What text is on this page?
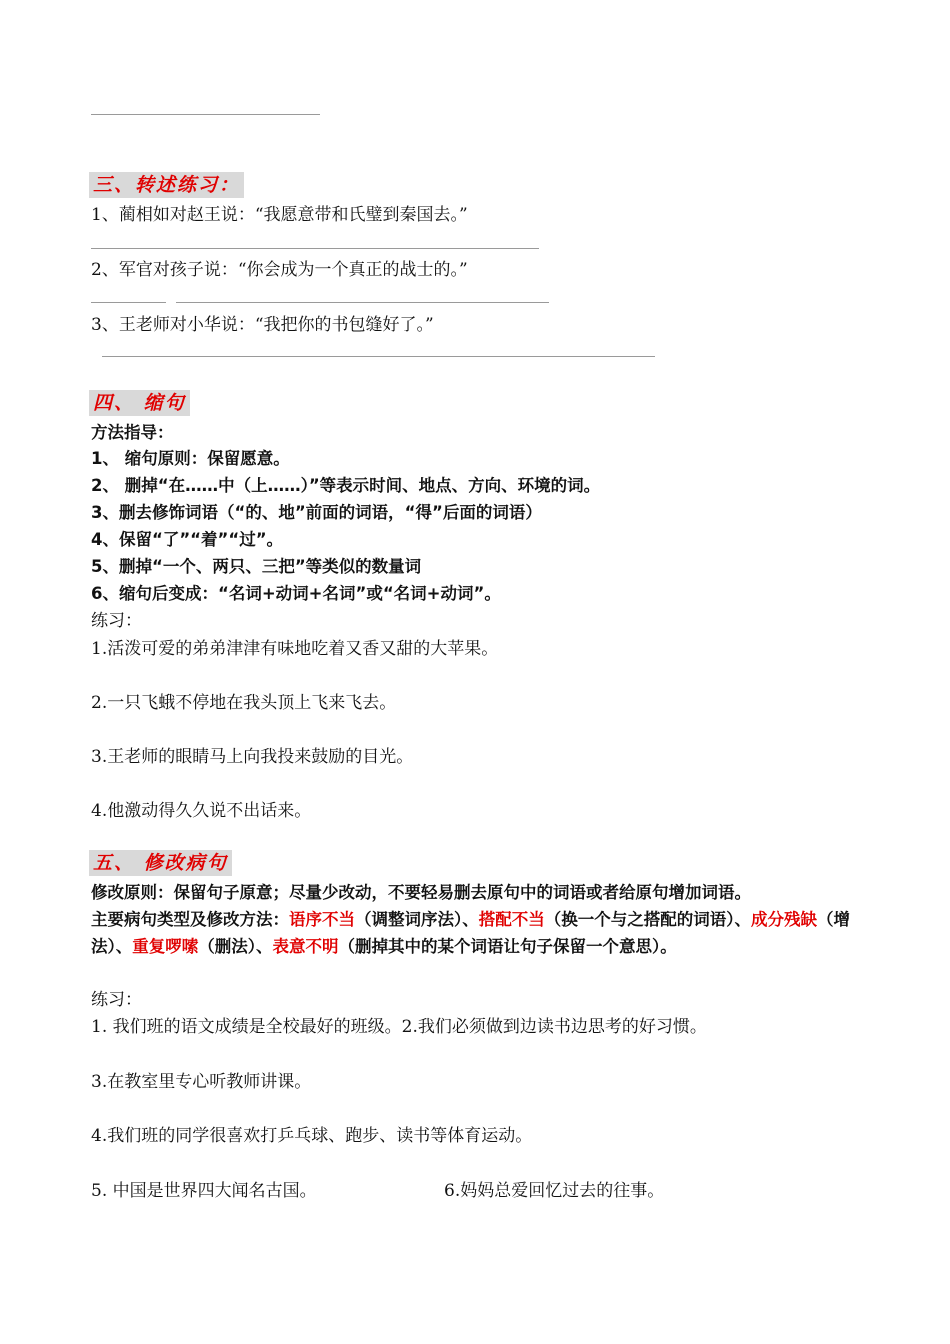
三、转述练习：
1、蔺相如对赵王说：“我愿意带和氏璧到秦国去。”
2、军官对孩子说：“你会成为一个真正的战士的。”
3、王老师对小华说：“我把你的书包缝好了。”
四、 缩句
方法指导：
1、 缩句原则：保留愿意。
2、 删掉“在……中（上……）”等表示时间、地点、方向、环境的词。
3、删去修饰词语（“的、地”前面的词语，“得”后面的词语）
4、保留“了”“着”“过”。
5、删掉“一个、两只、三把”等类似的数量词
6、缩句后变成：“名词+动词+名词”或“名词+动词”。
练习：
1.活泼可爱的弟弟津津有味地吃着又香又甜的大苹果。
2.一只飞蛾不停地在我头顶上飞来飞去。
3.王老师的眼睛马上向我投来鼓励的目光。
4.他激动得久久说不出话来。
五、 修改病句
修改原则：保留句子原意；尽量少改动，不要轻易删去原句中的词语或者给原句增加词语。
主要病句类型及修改方法：语序不当（调整词序法）、搭配不当（换一个与之搭配的词语）、成分残缺（增法）、重复啰嗦（删法）、表意不明（删掉其中的某个词语让句子保留一个意思）。
练习：
1. 我们班的语文成绩是全校最好的班级。2.我们必须做到边读书边思考的好习惯。
3.在教室里专心听教师讲课。
4.我们班的同学很喜欢打乒乓球、跑步、读书等体育运动。
5. 中国是世界四大闻名古国。	6.妈妈总爱回忆过去的往事。
